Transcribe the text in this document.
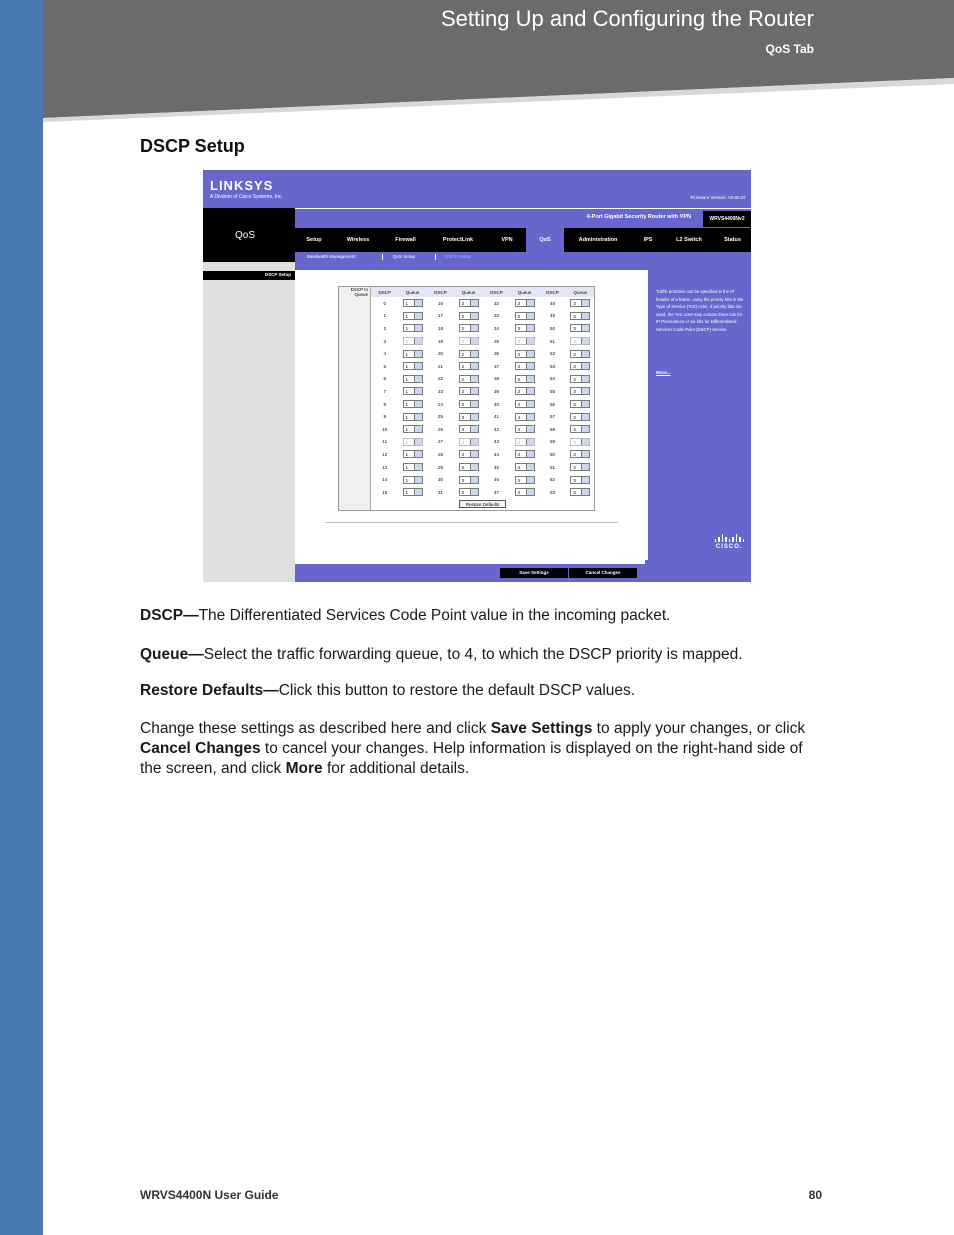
Setting Up and Configuring the Router
QoS Tab
DSCP Setup
LINKSYS
A Division of Cisco Systems, Inc.	Firmware Version: V0.00.07
4-Port Gigabit Security Router with VPN	WRVS4400Nv2
QoS	Setup	Wireless	Firewall	ProtectLink	VPN	QoS	Administration	IPS	L2 Switch	Status
Bandwidth Management	QoS Setup	DSCP Setup
DSCP Setup
DSCP to Queue	DSCP	Queue	DSCP	Queue	DSCP	Queue	DSCP	Queue
	0	1	16	2	32	3	48	3
	1	1	17	2	33	3	49	3
	2	1	18	2	34	3	50	3
	3	1	19	2	35	3	51	3
	4	1	20	2	36	3	52	3
	5	1	21	2	37	3	53	3
	6	1	22	2	38	3	54	3
	7	1	23	2	39	3	55	3
	8	1	24	3	40	4	56	3
	9	1	25	3	41	4	57	3
	10	1	26	3	42	4	58	3
	11	1	27	3	43	4	59	3
	12	1	28	3	44	4	60	3
	13	1	29	3	45	4	61	3
	14	1	30	3	46	4	62	3
	15	1	31	3	47	4	63	3
	Restore Defaults							

Traffic priorities can be specified in the IP header of a frame, using the priority bits in the Type of Service (ToS) octet. If priority bits are used, the ToS octet may contain three bits for IP Precedence or six bits for Differentiated Services Code Point (DSCP) Service.

More...
CISCO.
Save Settings	Cancel Changes
DSCP—The Differentiated Services Code Point value in the incoming packet.
Queue—Select the traffic forwarding queue, to 4, to which the DSCP priority is mapped.
Restore Defaults—Click this button to restore the default DSCP values.
Change these settings as described here and click Save Settings to apply your changes, or click Cancel Changes to cancel your changes. Help information is displayed on the right-hand side of the screen, and click More for additional details.
WRVS4400N User Guide	80
